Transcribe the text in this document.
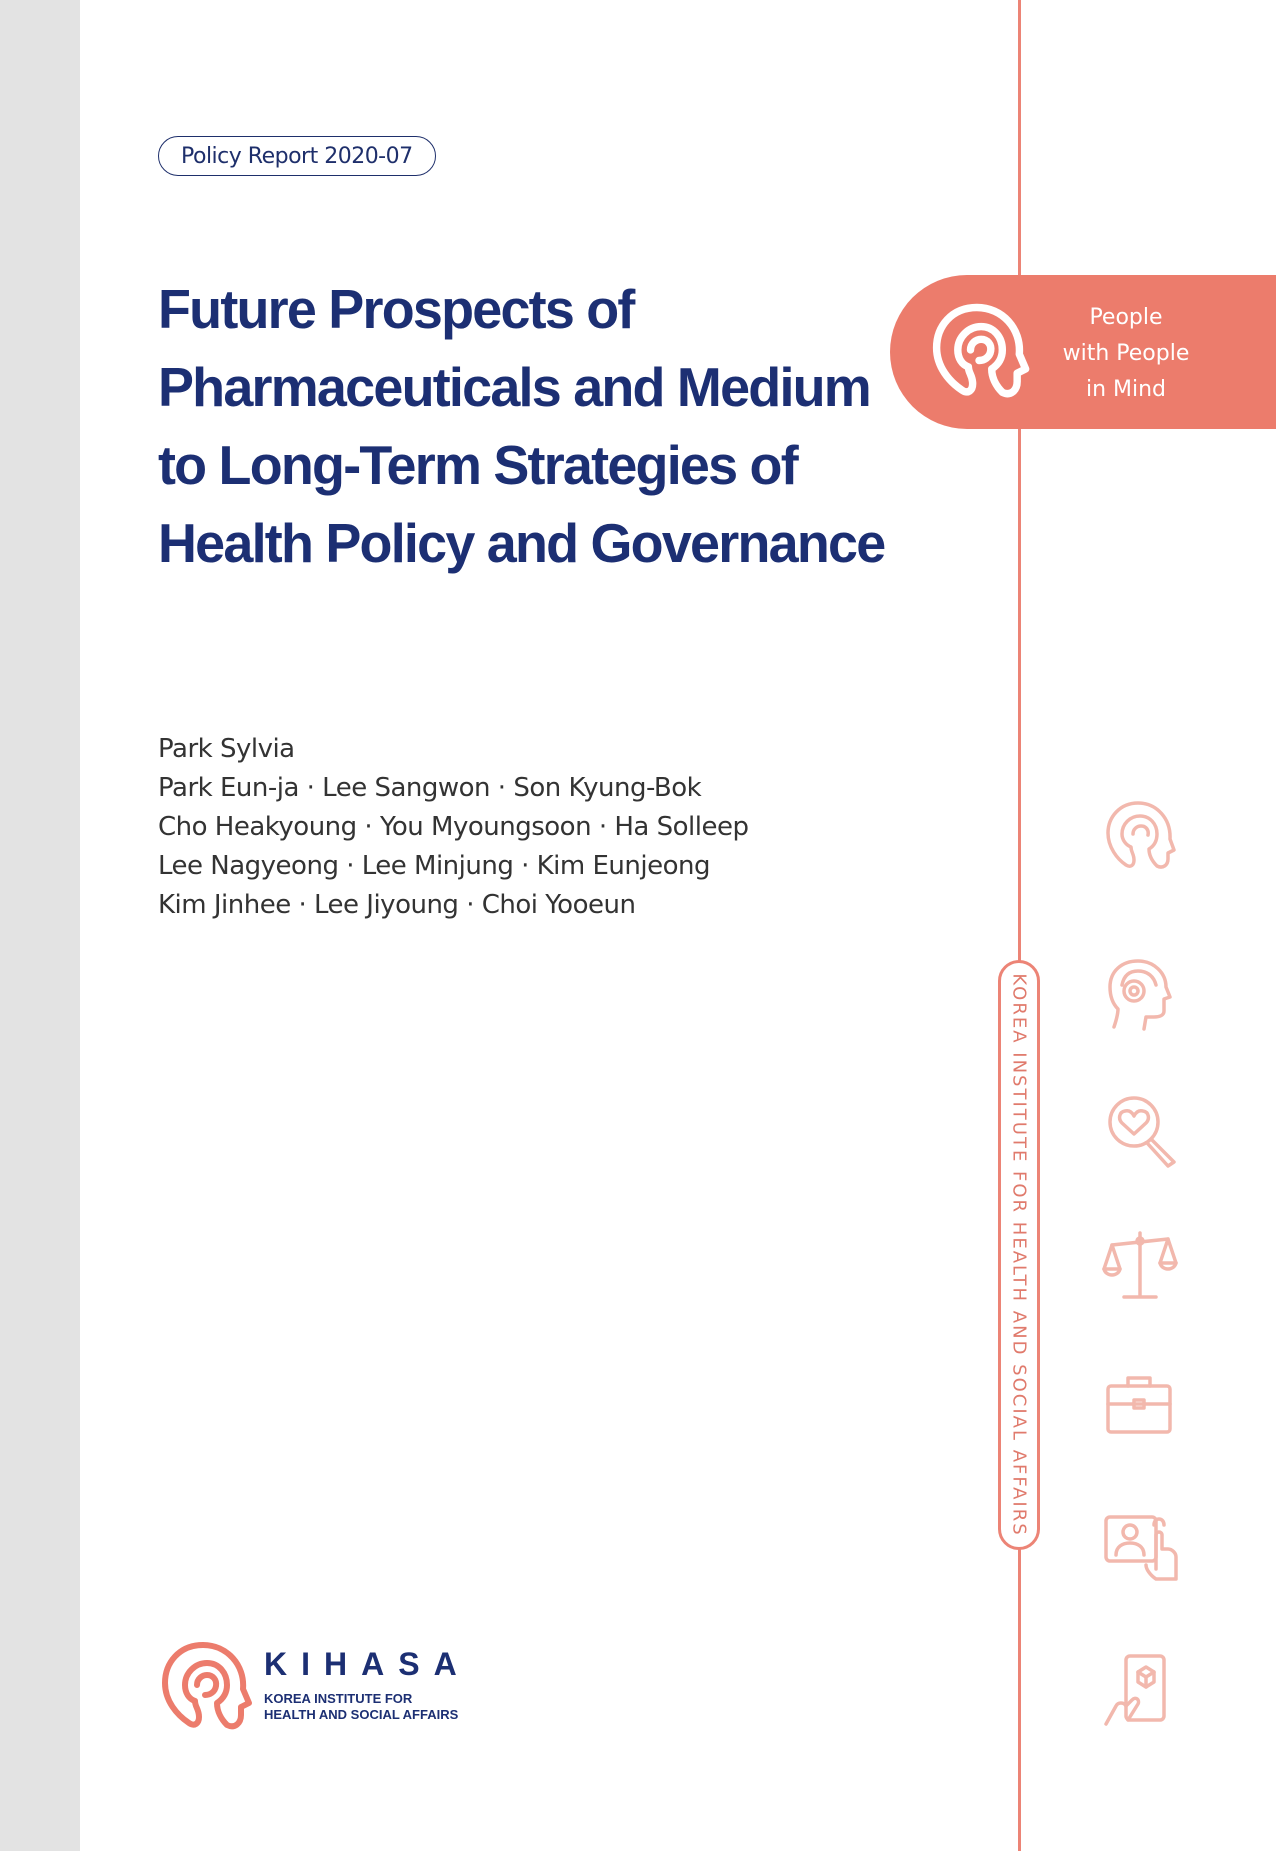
Policy Report 2020-07
Future Prospects of
Pharmaceuticals and Medium
to Long-Term Strategies of
Health Policy and Governance
People
with People
in Mind
Park Sylvia
Park Eun-ja · Lee Sangwon · Son Kyung-Bok
Cho Heakyoung · You Myoungsoon · Ha Solleep
Lee Nagyeong · Lee Minjung · Kim Eunjeong
Kim Jinhee · Lee Jiyoung · Choi Yooeun
KOREA INSTITUTE FOR HEALTH AND SOCIAL AFFAIRS
KIHASA
KOREA INSTITUTE FOR
HEALTH AND SOCIAL AFFAIRS
